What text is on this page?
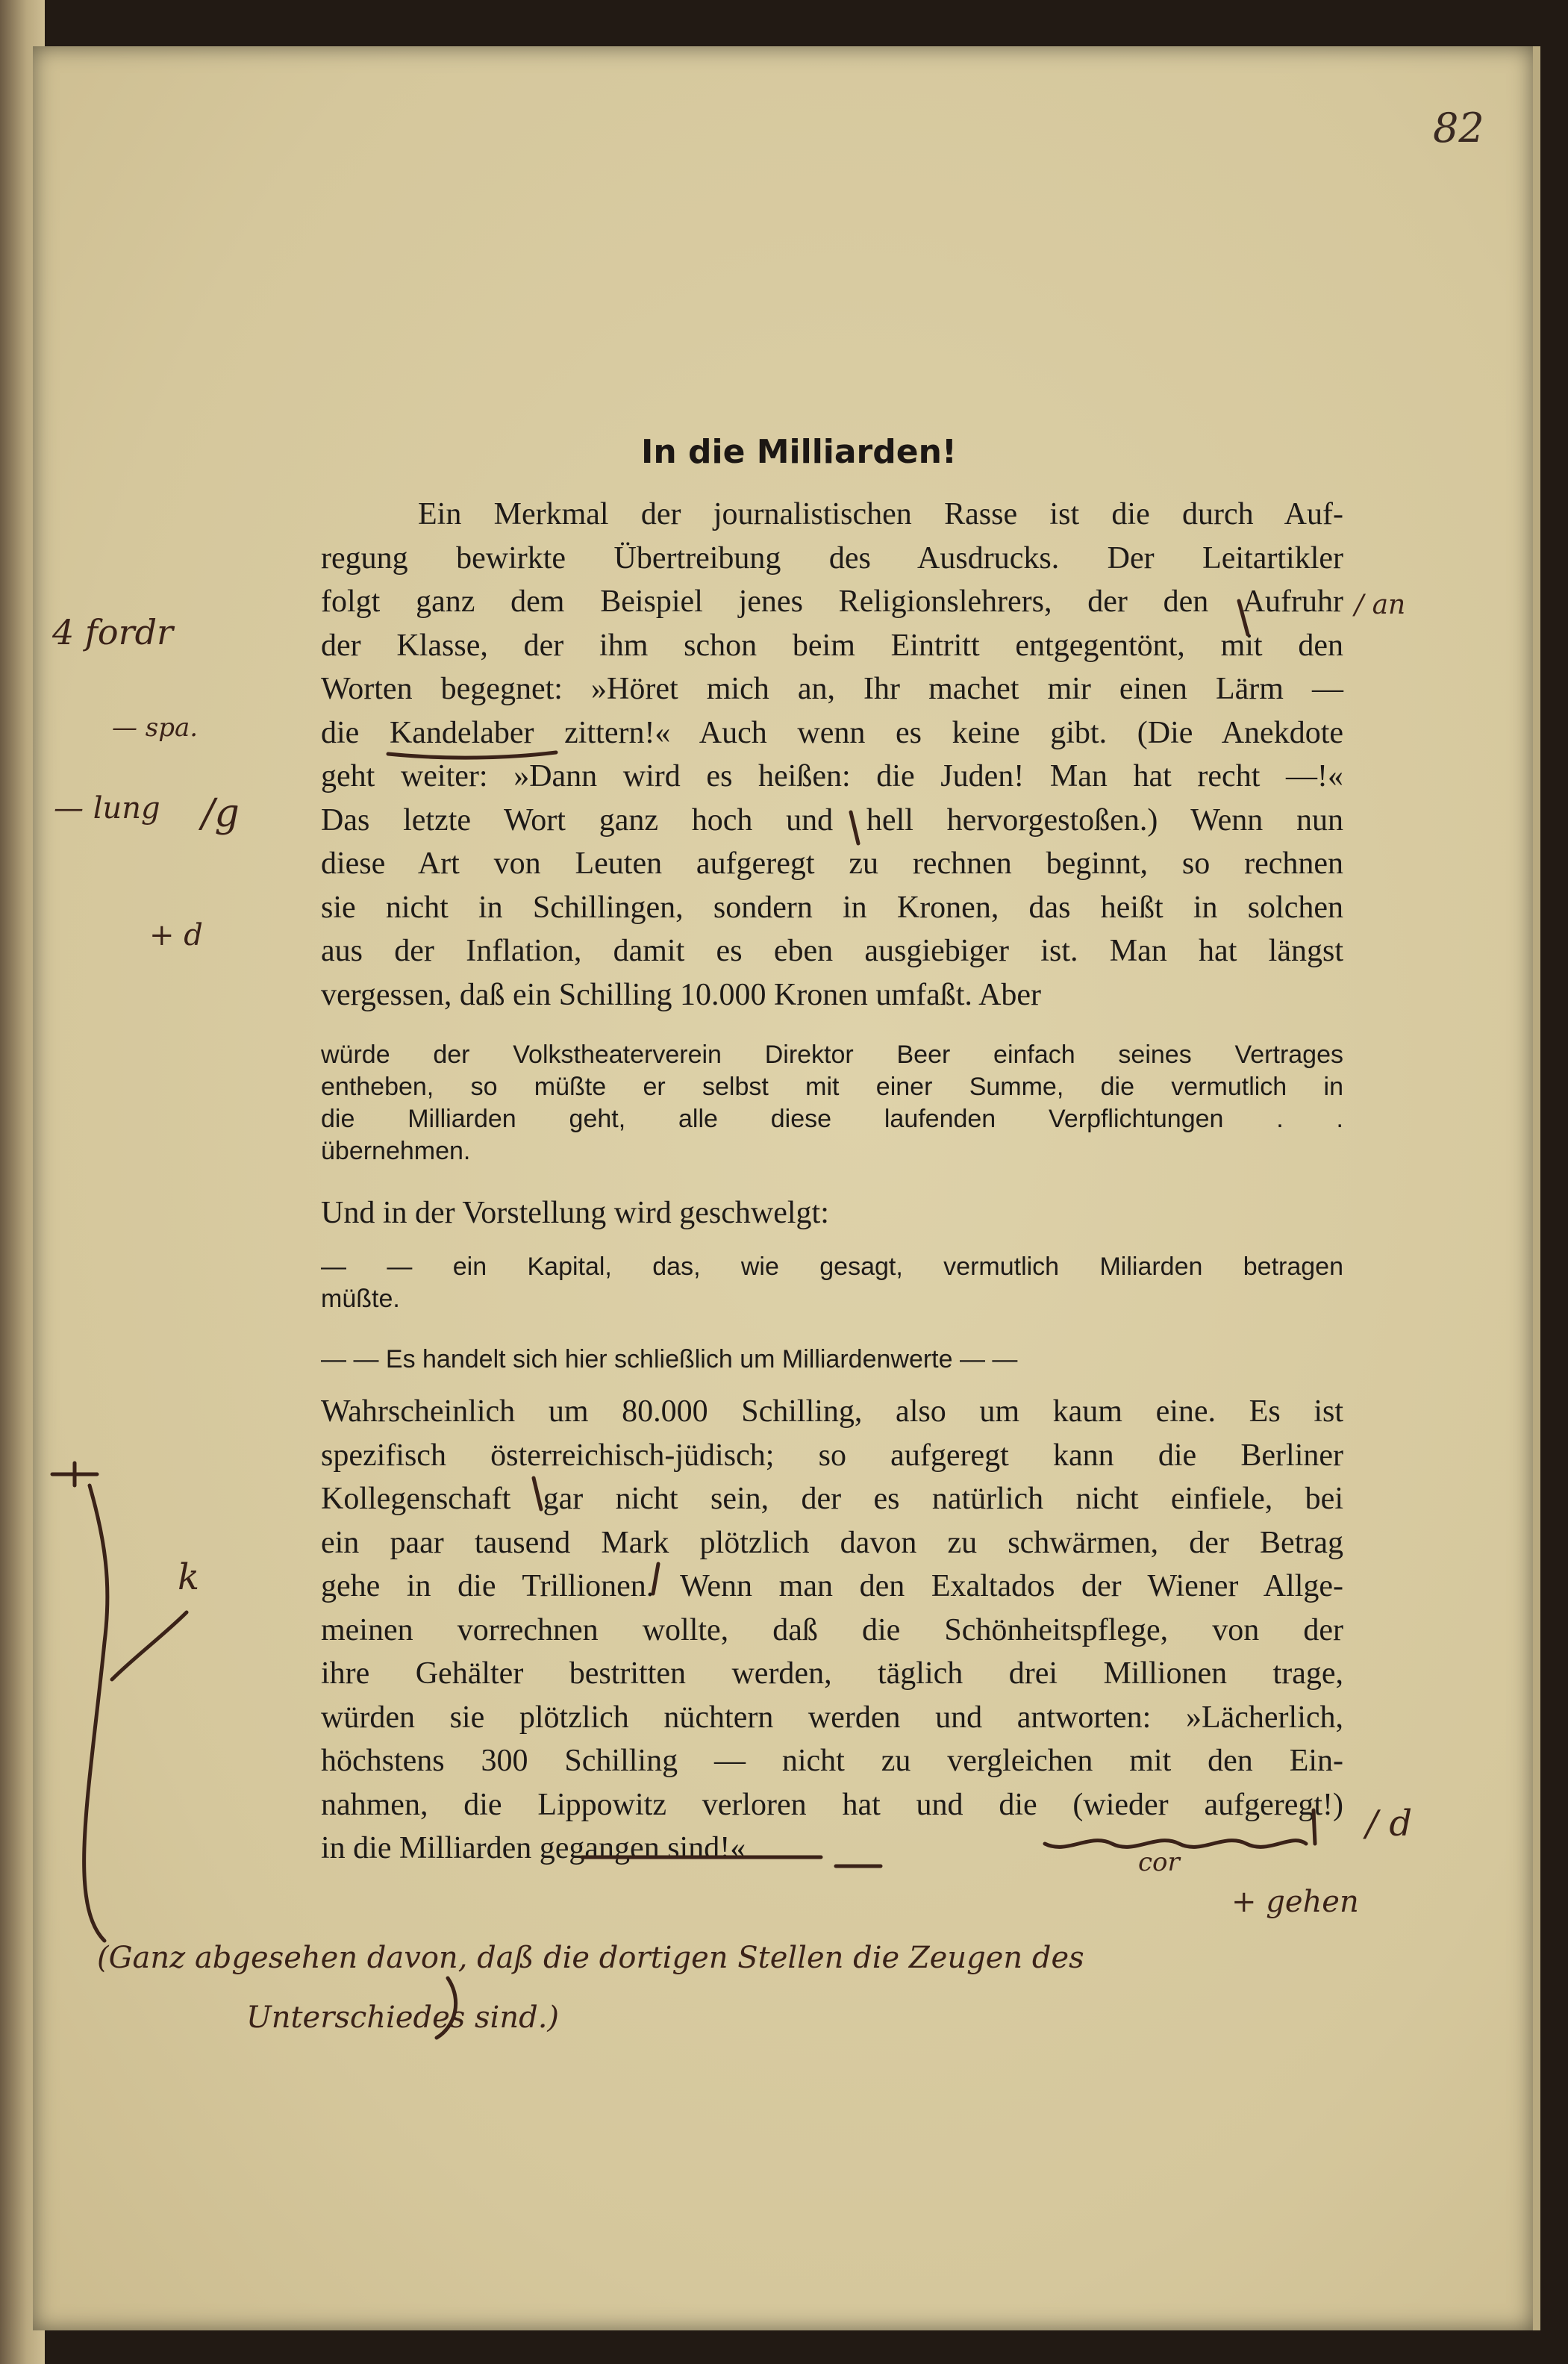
82
In die Milliarden!
Ein Merkmal der journalistischen Rasse ist die durch Auf-
regung bewirkte Übertreibung des Ausdrucks. Der Leitartikler
folgt ganz dem Beispiel jenes Religionslehrers, der den Aufruhr
der Klasse, der ihm schon beim Eintritt entgegentönt, mit den
Worten begegnet: »Höret mich an, Ihr machet mir einen Lärm —
die Kandelaber zittern!« Auch wenn es keine gibt. (Die Anekdote
geht weiter: »Dann wird es heißen: die Juden! Man hat recht —!«
Das letzte Wort ganz hoch und hell hervorgestoßen.) Wenn nun
diese Art von Leuten aufgeregt zu rechnen beginnt, so rechnen
sie nicht in Schillingen, sondern in Kronen, das heißt in solchen
aus der Inflation, damit es eben ausgiebiger ist. Man hat längst
vergessen, daß ein Schilling 10.000 Kronen umfaßt. Aber
würde der Volkstheaterverein Direktor Beer einfach seines Vertrages
entheben, so müßte er selbst mit einer Summe, die vermutlich in
die Milliarden geht, alle diese laufenden Verpflichtungen . .
übernehmen.
Und in der Vorstellung wird geschwelgt:
— — ein Kapital, das, wie gesagt, vermutlich Miliarden betragen
müßte.
— — Es handelt sich hier schließlich um Milliardenwerte — —
Wahrscheinlich um 80.000 Schilling, also um kaum eine. Es ist
spezifisch österreichisch-jüdisch; so aufgeregt kann die Berliner
Kollegenschaft gar nicht sein, der es natürlich nicht einfiele, bei
ein paar tausend Mark plötzlich davon zu schwärmen, der Betrag
gehe in die Trillionen. Wenn man den Exaltados der Wiener Allge-
meinen vorrechnen wollte, daß die Schönheitspflege, von der
ihre Gehälter bestritten werden, täglich drei Millionen trage,
würden sie plötzlich nüchtern werden und antworten: »Lächerlich,
höchstens 300 Schilling — nicht zu vergleichen mit den Ein-
nahmen, die Lippowitz verloren hat und die (wieder aufgeregt!)
in die Milliarden gegangen sind!«
4 fordr
— spa.
— lung /g
+ d
k
/ an
/ d
cor
+ gehen
(Ganz abgesehen davon, daß die dortigen Stellen die Zeugen des
Unterschiedes sind.)
